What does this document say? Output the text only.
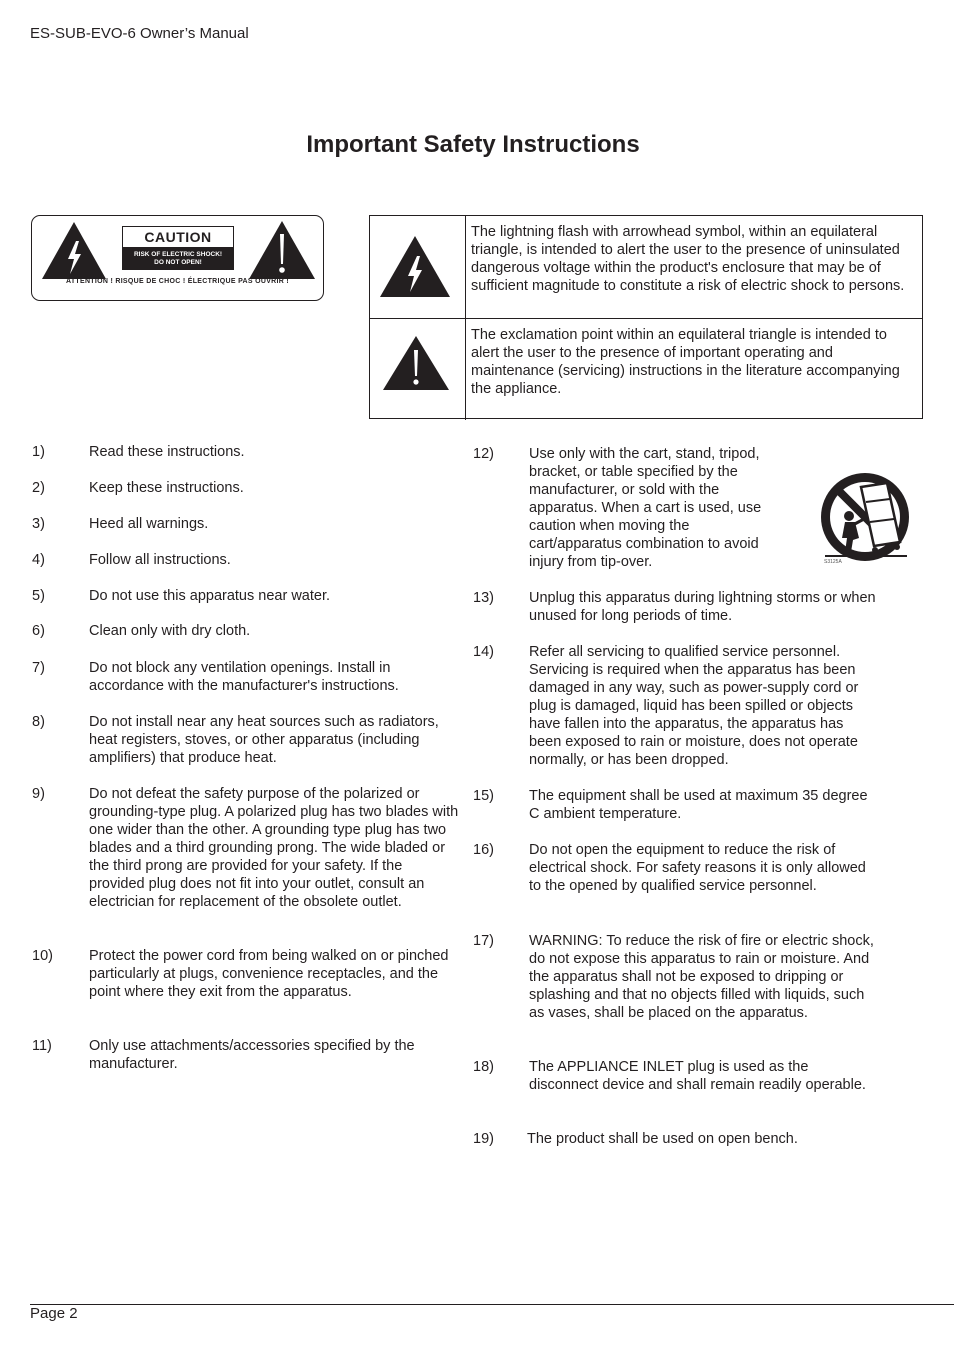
ES-SUB-EVO-6 Owner’s Manual
Important Safety Instructions
CAUTION
RISK OF ELECTRIC SHOCK!
DO NOT OPEN!
ATTENTION ! RISQUE DE CHOC ! ÉLECTRIQUE PAS OUVRIR !
The lightning flash with arrowhead symbol, within an equilateral triangle, is intended to alert the user to the presence of uninsulated dangerous voltage within the product's enclosure that may be of sufficient magnitude to constitute a risk of electric shock to persons.
The exclamation point within an equilateral triangle is intended to alert the user to the presence of important operating and maintenance (servicing) instructions in the literature accompanying the appliance.
1)	Read these instructions.
2)	Keep these instructions.
3)	Heed all warnings.
4)	Follow all instructions.
5)	Do not use this apparatus near water.
6)	Clean only with dry cloth.
7)	Do not block any ventilation openings. Install in accordance with the manufacturer's instructions.
8)	Do not install near any heat sources such as radiators, heat registers, stoves, or other apparatus (including amplifiers) that produce heat.
9)	Do not defeat the safety purpose of the polarized or grounding-type plug. A polarized plug has two blades with one wider than the other. A grounding type plug has two blades and a third grounding prong. The wide bladed or the third prong are provided for your safety. If the provided plug does not fit into your outlet, consult an electrician for replacement of the obsolete outlet.
10) Protect the power cord from being walked on or pinched particularly at plugs, convenience receptacles, and the point where they exit from the apparatus.
11)	Only use attachments/accessories specified by the manufacturer.
12) Use only with the cart, stand, tripod, bracket, or table specified by the manufacturer, or sold with the apparatus. When a cart is used, use caution when moving the cart/apparatus combination to avoid injury from tip-over.	S3125A
13) Unplug this apparatus during lightning storms or when unused for long periods of time.
14) Refer all servicing to qualified service personnel. Servicing is required when the apparatus has been damaged in any way, such as power-supply cord or plug is damaged, liquid has been spilled or objects have fallen into the apparatus, the apparatus has been exposed to rain or moisture, does not operate normally, or has been dropped.
15) The equipment shall be used at maximum 35 degree C ambient temperature.
16) Do not open the equipment to reduce the risk of electrical shock. For safety reasons it is only allowed to the opened by qualified service personnel.
17) WARNING: To reduce the risk of fire or electric shock, do not expose this apparatus to rain or moisture. And the apparatus shall not be exposed to dripping or splashing and that no objects filled with liquids, such as vases, shall be placed on the apparatus.
18) The APPLIANCE INLET plug is used as the disconnect device and shall remain readily operable.
19) The product shall be used on open bench.
Page 2
